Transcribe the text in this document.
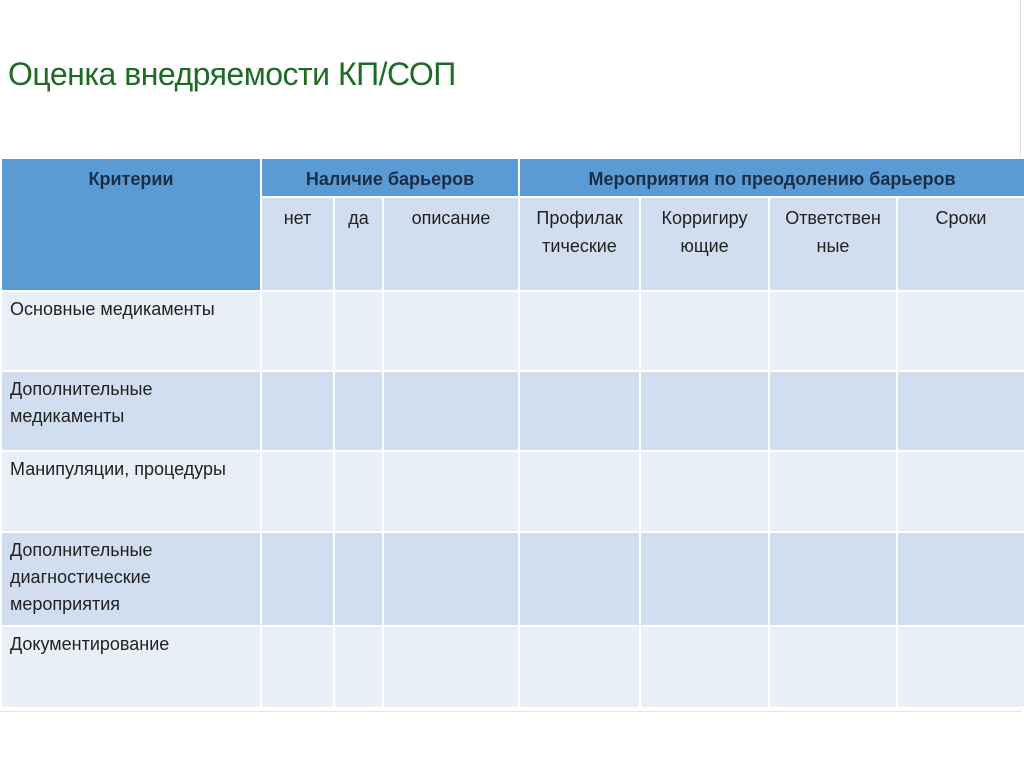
Оценка внедряемости КП/СОП
Критерии	Наличие барьеров			Мероприятия по преодолению барьеров			
	нет	да	описание	Профилак тические	Корригиру ющие	Ответствен ные	Сроки
Основные медикаменты							
Дополнительные медикаменты							
Манипуляции, процедуры							
Дополнительные диагностические мероприятия							
Документирование							
